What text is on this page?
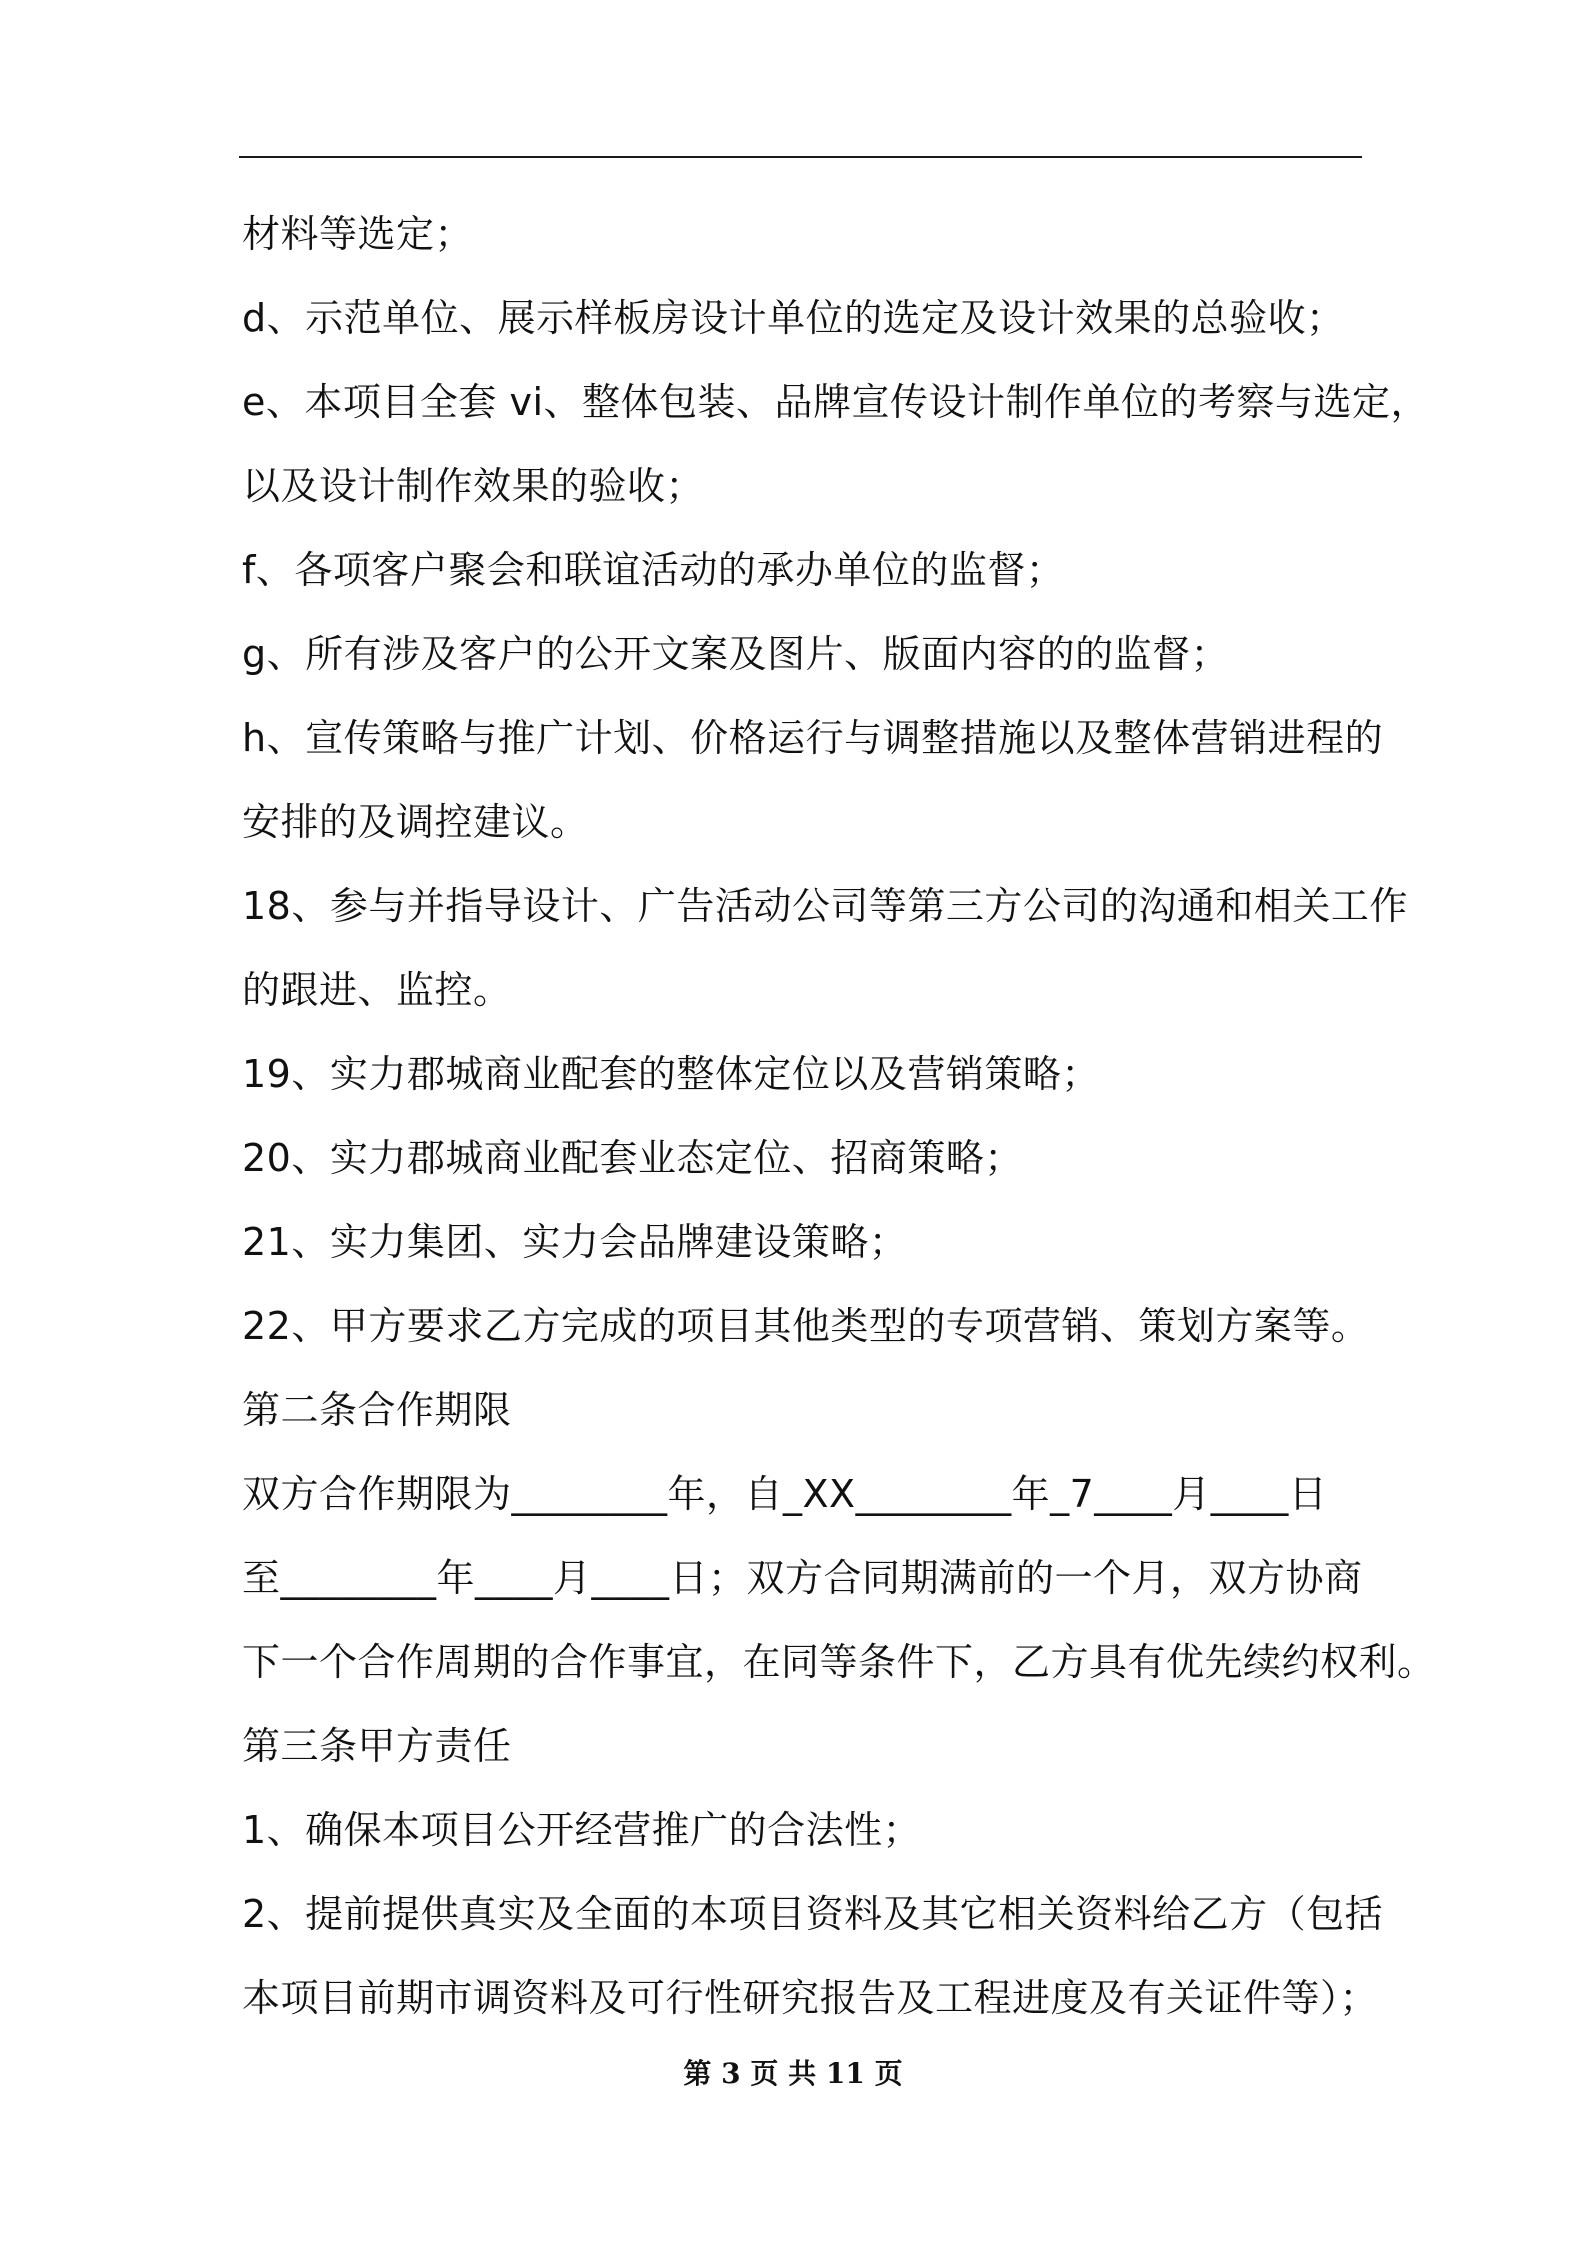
材料等选定；
d、示范单位、展示样板房设计单位的选定及设计效果的总验收；
e、本项目全套 vi、整体包装、品牌宣传设计制作单位的考察与选定，
以及设计制作效果的验收；
f、各项客户聚会和联谊活动的承办单位的监督；
g、所有涉及客户的公开文案及图片、版面内容的的监督；
h、宣传策略与推广计划、价格运行与调整措施以及整体营销进程的
安排的及调控建议。
18、参与并指导设计、广告活动公司等第三方公司的沟通和相关工作
的跟进、监控。
19、实力郡城商业配套的整体定位以及营销策略；
20、实力郡城商业配套业态定位、招商策略；
21、实力集团、实力会品牌建设策略；
22、甲方要求乙方完成的项目其他类型的专项营销、策划方案等。
第二条合作期限
双方合作期限为________年，自_XX________年_7____月____日
至________年____月____日；双方合同期满前的一个月，双方协商
下一个合作周期的合作事宜，在同等条件下，乙方具有优先续约权利。
第三条甲方责任
1、确保本项目公开经营推广的合法性；
2、提前提供真实及全面的本项目资料及其它相关资料给乙方（包括
本项目前期市调资料及可行性研究报告及工程进度及有关证件等）；
第 3 页 共 11 页
